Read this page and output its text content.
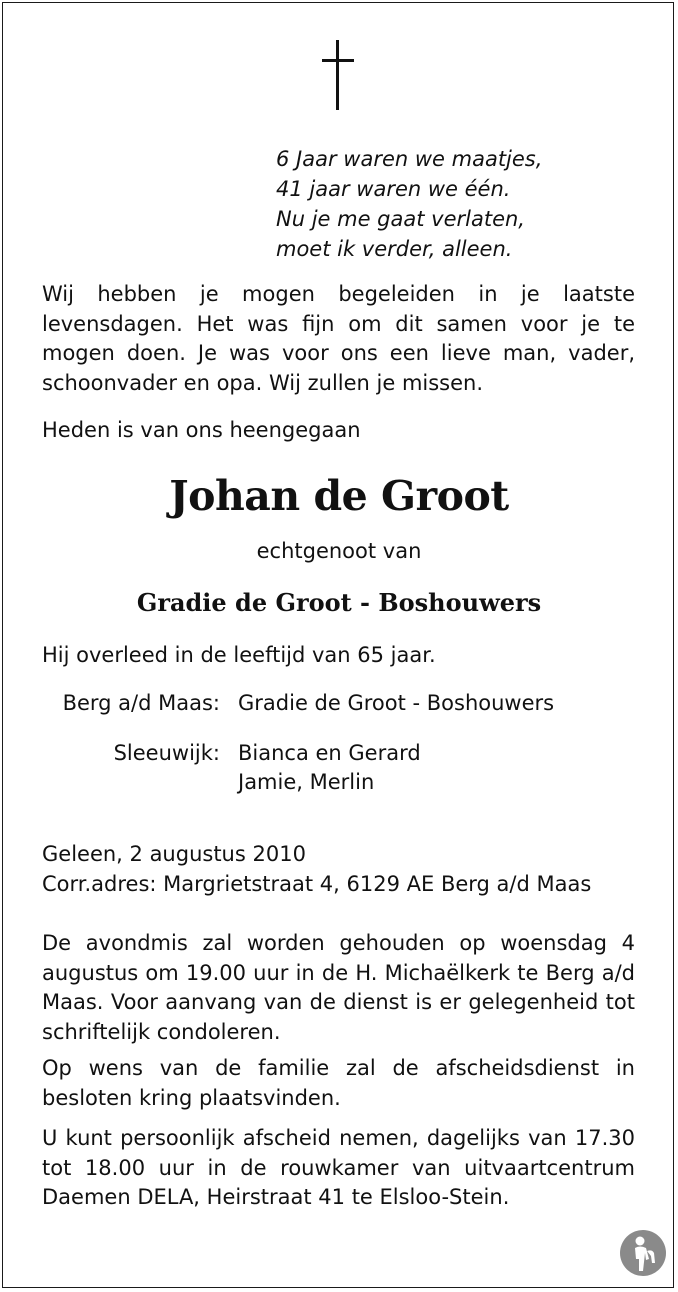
6 Jaar waren we maatjes,
41 jaar waren we één.
Nu je me gaat verlaten,
moet ik verder, alleen.
Wij hebben je mogen begeleiden in je laatste levensdagen. Het was fijn om dit samen voor je te mogen doen. Je was voor ons een lieve man, vader, schoonvader en opa. Wij zullen je missen.
Heden is van ons heengegaan
Johan de Groot
echtgenoot van
Gradie de Groot - Boshouwers
Hij overleed in de leeftijd van 65 jaar.
Berg a/d Maas: Gradie de Groot - Boshouwers
Sleeuwijk: Bianca en Gerard
Jamie, Merlin
Geleen, 2 augustus 2010
Corr.adres: Margrietstraat 4, 6129 AE Berg a/d Maas
De avondmis zal worden gehouden op woensdag 4 augustus om 19.00 uur in de H. Michaëlkerk te Berg a/d Maas. Voor aanvang van de dienst is er gelegenheid tot schriftelijk condoleren.
Op wens van de familie zal de afscheidsdienst in besloten kring plaatsvinden.
U kunt persoonlijk afscheid nemen, dagelijks van 17.30 tot 18.00 uur in de rouwkamer van uitvaartcentrum Daemen DELA, Heirstraat 41 te Elsloo-Stein.
